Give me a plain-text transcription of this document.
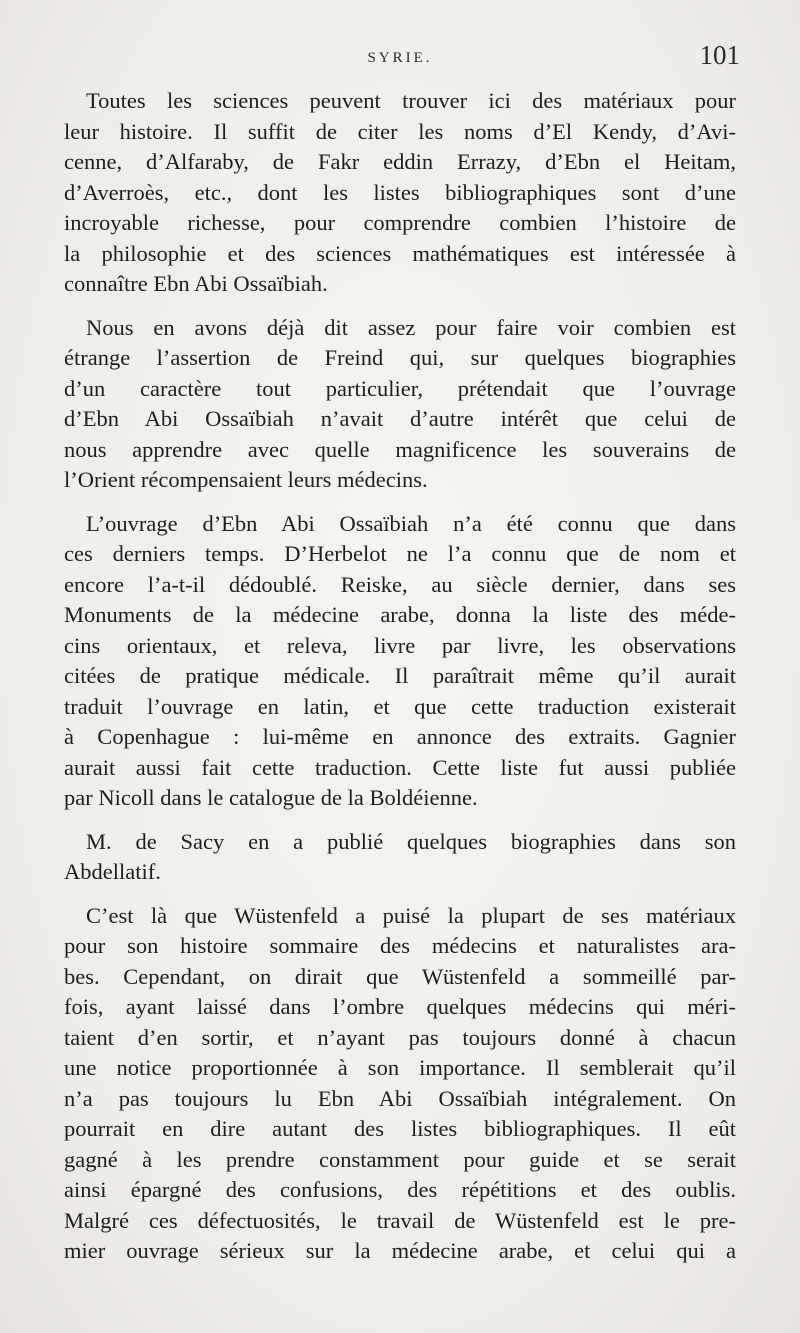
SYRIE.	101
Toutes les sciences peuvent trouver ici des matériaux pour
leur histoire. Il suffit de citer les noms d’El Kendy, d’Avi-
cenne, d’Alfaraby, de Fakr eddin Errazy, d’Ebn el Heitam,
d’Averroès, etc., dont les listes bibliographiques sont d’une
incroyable richesse, pour comprendre combien l’histoire de
la philosophie et des sciences mathématiques est intéressée à
connaître Ebn Abi Ossaïbiah.
Nous en avons déjà dit assez pour faire voir combien est
étrange l’assertion de Freind qui, sur quelques biographies
d’un caractère tout particulier, prétendait que l’ouvrage
d’Ebn Abi Ossaïbiah n’avait d’autre intérêt que celui de
nous apprendre avec quelle magnificence les souverains de
l’Orient récompensaient leurs médecins.
L’ouvrage d’Ebn Abi Ossaïbiah n’a été connu que dans
ces derniers temps. D’Herbelot ne l’a connu que de nom et
encore l’a-t-il dédoublé. Reiske, au siècle dernier, dans ses
Monuments de la médecine arabe, donna la liste des méde-
cins orientaux, et releva, livre par livre, les observations
citées de pratique médicale. Il paraîtrait même qu’il aurait
traduit l’ouvrage en latin, et que cette traduction existerait
à Copenhague : lui-même en annonce des extraits. Gagnier
aurait aussi fait cette traduction. Cette liste fut aussi publiée
par Nicoll dans le catalogue de la Boldéienne.
M. de Sacy en a publié quelques biographies dans son
Abdellatif.
C’est là que Wüstenfeld a puisé la plupart de ses matériaux
pour son histoire sommaire des médecins et naturalistes ara-
bes. Cependant, on dirait que Wüstenfeld a sommeillé par-
fois, ayant laissé dans l’ombre quelques médecins qui méri-
taient d’en sortir, et n’ayant pas toujours donné à chacun
une notice proportionnée à son importance. Il semblerait qu’il
n’a pas toujours lu Ebn Abi Ossaïbiah intégralement. On
pourrait en dire autant des listes bibliographiques. Il eût
gagné à les prendre constamment pour guide et se serait
ainsi épargné des confusions, des répétitions et des oublis.
Malgré ces défectuosités, le travail de Wüstenfeld est le pre-
mier ouvrage sérieux sur la médecine arabe, et celui qui a
